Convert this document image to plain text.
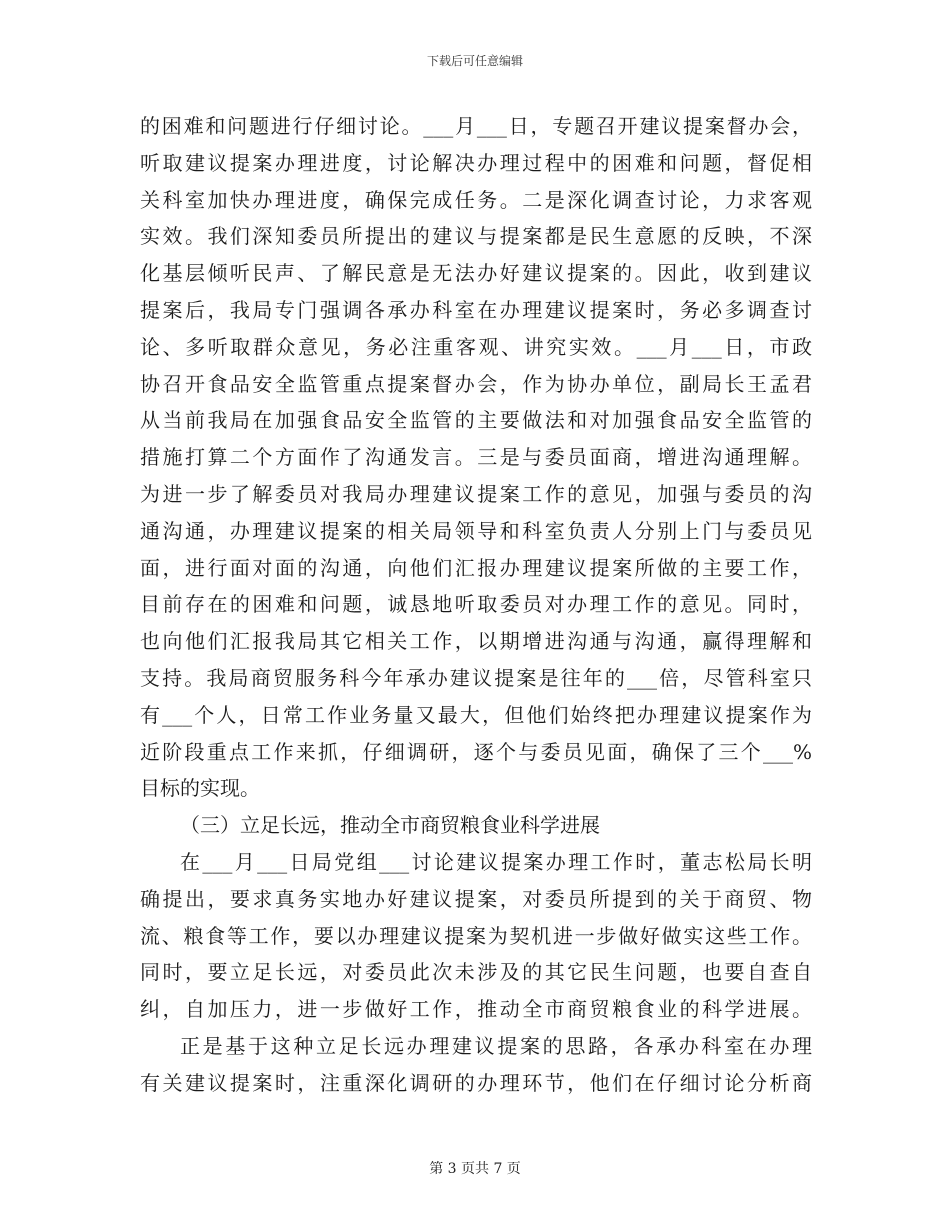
下载后可任意编辑
的困难和问题进行仔细讨论。___月___日，专题召开建议提案督办会，
听取建议提案办理进度，讨论解决办理过程中的困难和问题，督促相
关科室加快办理进度，确保完成任务。二是深化调查讨论，力求客观
实效。我们深知委员所提出的建议与提案都是民生意愿的反映，不深
化基层倾听民声、了解民意是无法办好建议提案的。因此，收到建议
提案后，我局专门强调各承办科室在办理建议提案时，务必多调查讨
论、多听取群众意见，务必注重客观、讲究实效。___月___日，市政
协召开食品安全监管重点提案督办会，作为协办单位，副局长王孟君
从当前我局在加强食品安全监管的主要做法和对加强食品安全监管的
措施打算二个方面作了沟通发言。三是与委员面商，增进沟通理解。
为进一步了解委员对我局办理建议提案工作的意见，加强与委员的沟
通沟通，办理建议提案的相关局领导和科室负责人分别上门与委员见
面，进行面对面的沟通，向他们汇报办理建议提案所做的主要工作，
目前存在的困难和问题，诚恳地听取委员对办理工作的意见。同时，
也向他们汇报我局其它相关工作，以期增进沟通与沟通，赢得理解和
支持。我局商贸服务科今年承办建议提案是往年的___倍，尽管科室只
有___个人，日常工作业务量又最大，但他们始终把办理建议提案作为
近阶段重点工作来抓，仔细调研，逐个与委员见面，确保了三个___%
目标的实现。
（三）立足长远，推动全市商贸粮食业科学进展
在___月___日局党组___讨论建议提案办理工作时，董志松局长明
确提出，要求真务实地办好建议提案，对委员所提到的关于商贸、物
流、粮食等工作，要以办理建议提案为契机进一步做好做实这些工作。
同时，要立足长远，对委员此次未涉及的其它民生问题，也要自查自
纠，自加压力，进一步做好工作，推动全市商贸粮食业的科学进展。
正是基于这种立足长远办理建议提案的思路，各承办科室在办理
有关建议提案时，注重深化调研的办理环节，他们在仔细讨论分析商
第 3 页共 7 页
